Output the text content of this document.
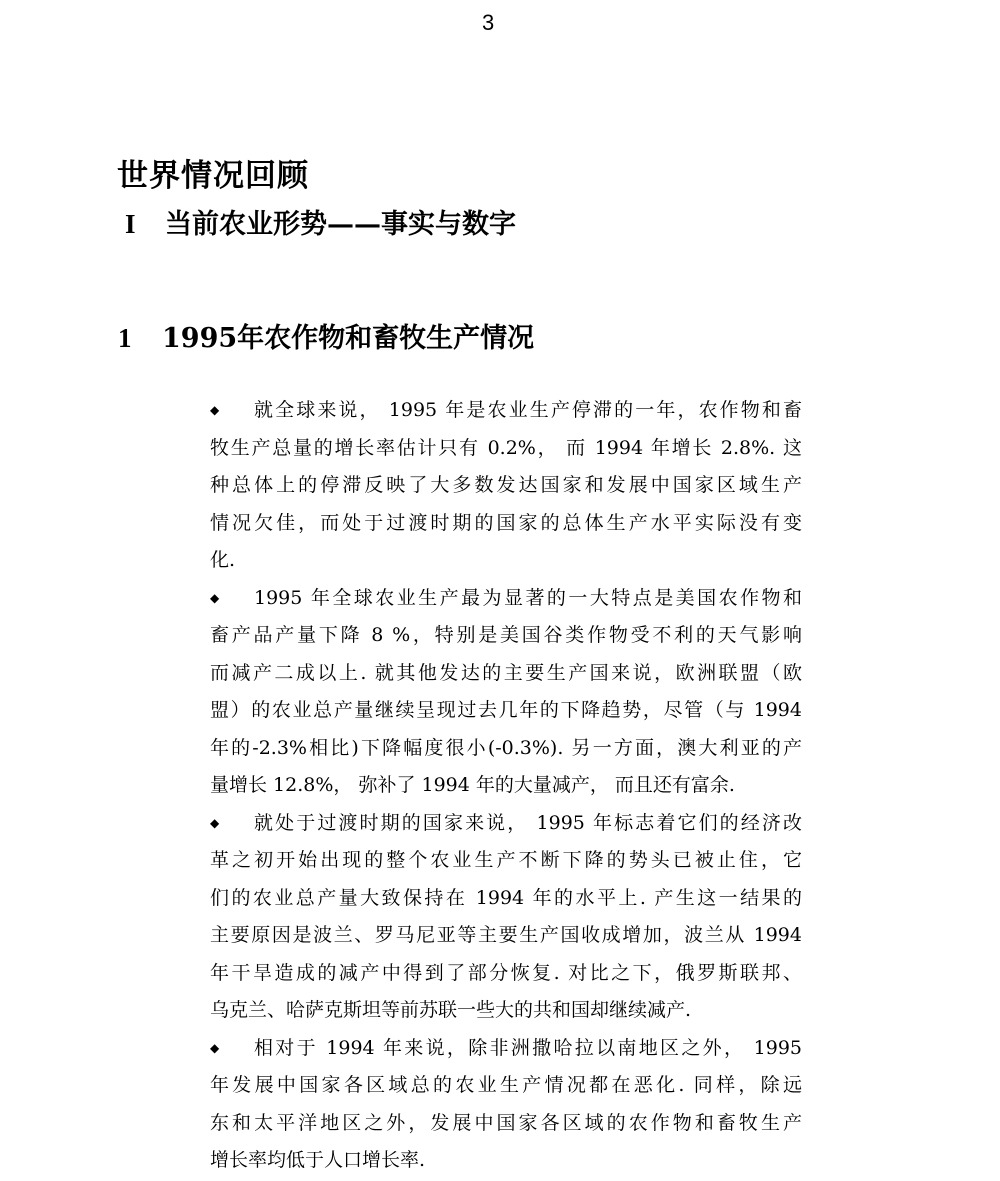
3
世界情况回顾
I 当前农业形势——事实与数字
1 1995年农作物和畜牧生产情况
◆	就全球来说， 1995 年是农业生产停滞的一年，农作物和畜
牧生产总量的增长率估计只有 0.2%， 而 1994 年增长 2.8%. 这
种总体上的停滞反映了大多数发达国家和发展中国家区域生产
情况欠佳，而处于过渡时期的国家的总体生产水平实际没有变
化.
◆	1995 年全球农业生产最为显著的一大特点是美国农作物和
畜产品产量下降 8 %，特别是美国谷类作物受不利的天气影响
而减产二成以上. 就其他发达的主要生产国来说，欧洲联盟（欧
盟）的农业总产量继续呈现过去几年的下降趋势，尽管（与 1994
年的-2.3%相比)下降幅度很小(-0.3%). 另一方面，澳大利亚的产
量增长 12.8%， 弥补了 1994 年的大量减产， 而且还有富余.
◆	就处于过渡时期的国家来说， 1995 年标志着它们的经济改
革之初开始出现的整个农业生产不断下降的势头已被止住，它
们的农业总产量大致保持在 1994 年的水平上. 产生这一结果的
主要原因是波兰、罗马尼亚等主要生产国收成增加，波兰从 1994
年干旱造成的减产中得到了部分恢复. 对比之下，俄罗斯联邦、
乌克兰、哈萨克斯坦等前苏联一些大的共和国却继续减产.
◆	相对于 1994 年来说，除非洲撒哈拉以南地区之外， 1995
年发展中国家各区域总的农业生产情况都在恶化. 同样，除远
东和太平洋地区之外，发展中国家各区域的农作物和畜牧生产
增长率均低于人口增长率.
